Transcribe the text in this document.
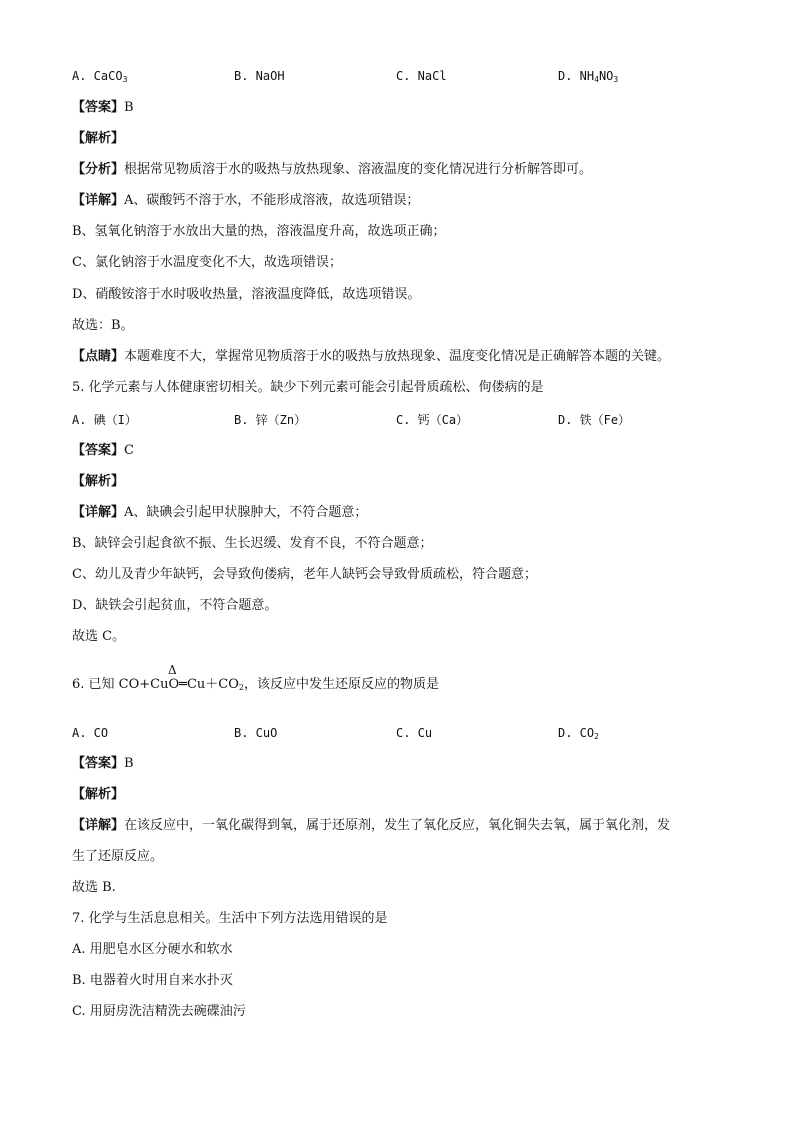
A. CaCO$_3$	B. NaOH	C. NaCl	D. $NH_4NO_3$
【答案】B
【解析】
【分析】根据常见物质溶于水的吸热与放热现象、溶液温度的变化情况进行分析解答即可。
【详解】A、碳酸钙不溶于水，不能形成溶液，故选项错误；
B、氢氧化钠溶于水放出大量的热，溶液温度升高，故选项正确；
C、氯化钠溶于水温度变化不大，故选项错误；
D、硝酸铵溶于水时吸收热量，溶液温度降低，故选项错误。
故选：B。
【点睛】本题难度不大，掌握常见物质溶于水的吸热与放热现象、温度变化情况是正确解答本题的关键。
5. 化学元素与人体健康密切相关。缺少下列元素可能会引起骨质疏松、佝偻病的是
A. 碘（I）	B. 锌（Zn）	C. 钙（Ca）	D. 铁（Fe）
【答案】C
【解析】
【详解】A、缺碘会引起甲状腺肿大，不符合题意；
B、缺锌会引起食欲不振、生长迟缓、发育不良，不符合题意；
C、幼儿及青少年缺钙，会导致佝偻病，老年人缺钙会导致骨质疏松，符合题意；
D、缺铁会引起贫血，不符合题意。
故选 C。
Δ
6. 已知 $CO+CuO═Cu+CO_2$，该反应中发生还原反应的物质是
A. CO	B. CuO	C. Cu	D. $CO_2$
【答案】B
【解析】
【详解】在该反应中，一氧化碳得到氧，属于还原剂，发生了氧化反应，氧化铜失去氧，属于氧化剂，发
生了还原反应。
故选 B.
7. 化学与生活息息相关。生活中下列方法选用错误的是
A. 用肥皂水区分硬水和软水
B. 电器着火时用自来水扑灭
C. 用厨房洗洁精洗去碗碟油污
